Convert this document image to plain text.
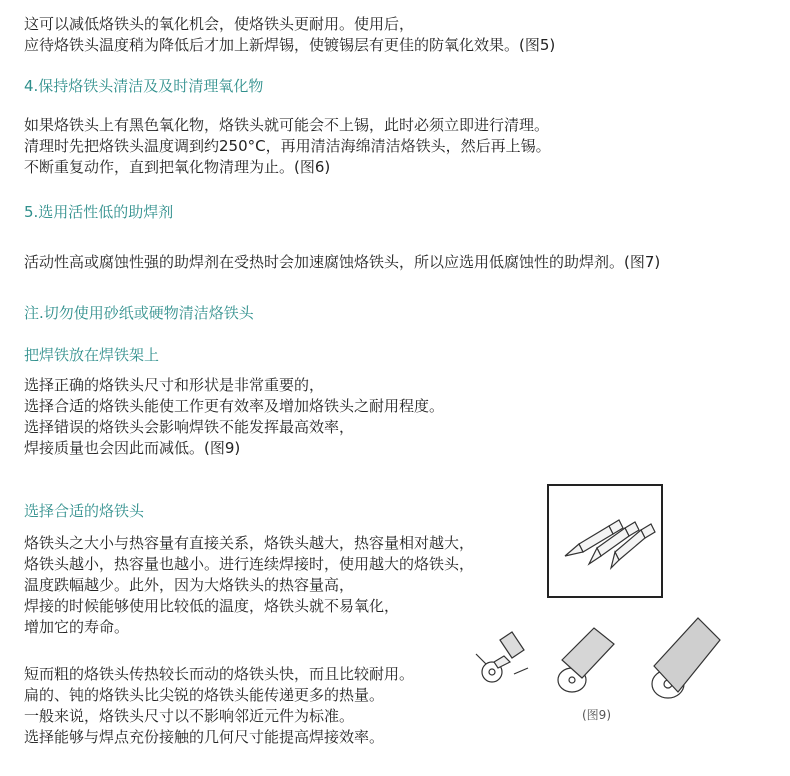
这可以减低烙铁头的氧化机会，使烙铁头更耐用。使用后，
应待烙铁头温度稍为降低后才加上新焊锡，使镀锡层有更佳的防氧化效果。(图5)
4.保持烙铁头清洁及及时清理氧化物
如果烙铁头上有黑色氧化物，烙铁头就可能会不上锡，此时必须立即进行清理。
清理时先把烙铁头温度调到约250°C，再用清洁海绵清洁烙铁头，然后再上锡。
不断重复动作，直到把氧化物清理为止。(图6)
5.选用活性低的助焊剂
活动性高或腐蚀性强的助焊剂在受热时会加速腐蚀烙铁头，所以应选用低腐蚀性的助焊剂。(图7)
注.切勿使用砂纸或硬物清洁烙铁头
把焊铁放在焊铁架上
选择正确的烙铁头尺寸和形状是非常重要的，
选择合适的烙铁头能使工作更有效率及增加烙铁头之耐用程度。
选择错误的烙铁头会影响焊铁不能发挥最高效率，
焊接质量也会因此而减低。(图9)
选择合适的烙铁头
烙铁头之大小与热容量有直接关系，烙铁头越大，热容量相对越大，
烙铁头越小，热容量也越小。进行连续焊接时，使用越大的烙铁头，
温度跌幅越少。此外，因为大烙铁头的热容量高，
焊接的时候能够使用比较低的温度，烙铁头就不易氧化，
增加它的寿命。
短而粗的烙铁头传热较长而动的烙铁头快，而且比较耐用。
扁的、钝的烙铁头比尖锐的烙铁头能传递更多的热量。
一般来说，烙铁头尺寸以不影响邻近元件为标准。
选择能够与焊点充份接触的几何尺寸能提高焊接效率。
(图9)
